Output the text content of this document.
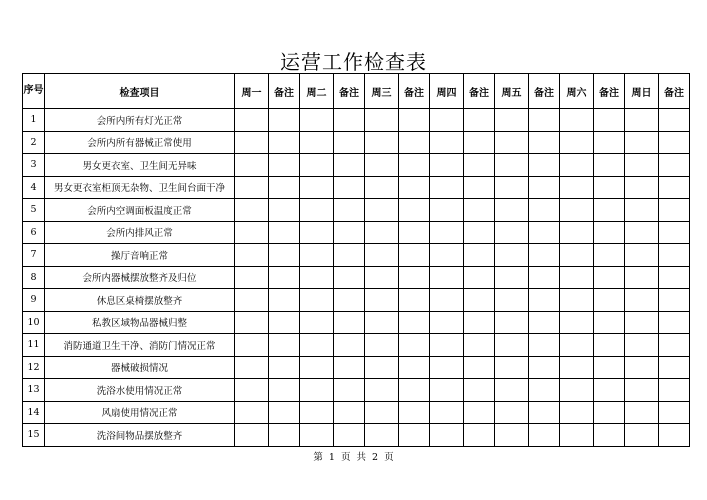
运营工作检查表
序号	检查项目	周一	备注	周二	备注	周三	备注	周四	备注	周五	备注	周六	备注	周日	备注
1	会所内所有灯光正常														
2	会所内所有器械正常使用														
3	男女更衣室、卫生间无异味														
4	男女更衣室柜顶无杂物、卫生间台面干净														
5	会所内空调面板温度正常														
6	会所内排风正常														
7	操厅音响正常														
8	会所内器械摆放整齐及归位														
9	休息区桌椅摆放整齐														
10	私教区域物品器械归整														
11	消防通道卫生干净、消防门情况正常														
12	器械破损情况														
13	洗浴水使用情况正常														
14	风扇使用情况正常														
15	洗浴间物品摆放整齐														
第 1 页 共 2 页
